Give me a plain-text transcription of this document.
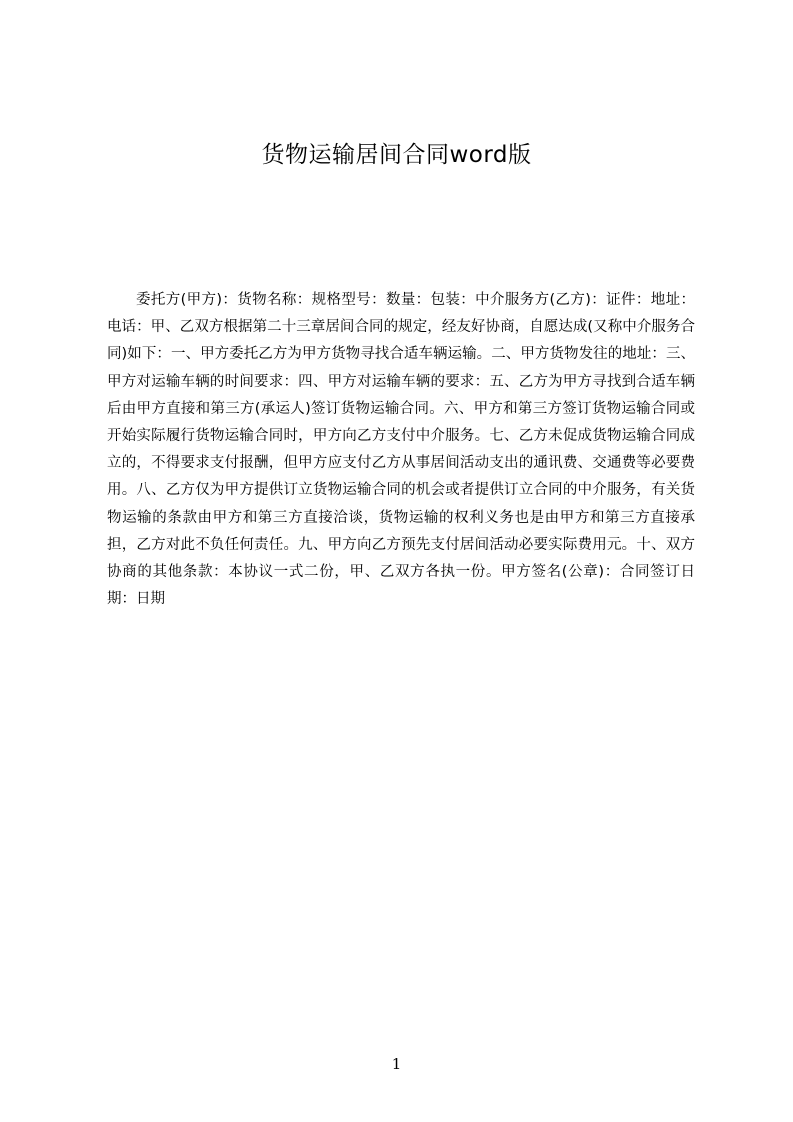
货物运输居间合同word版

委托方(甲方)：货物名称：规格型号：数量：包装：中介服务方(乙方)：证件：地址：电话：甲、乙双方根据第二十三章居间合同的规定，经友好协商，自愿达成(又称中介服务合同)如下：一、甲方委托乙方为甲方货物寻找合适车辆运输。二、甲方货物发往的地址：三、甲方对运输车辆的时间要求：四、甲方对运输车辆的要求：五、乙方为甲方寻找到合适车辆后由甲方直接和第三方(承运人)签订货物运输合同。六、甲方和第三方签订货物运输合同或开始实际履行货物运输合同时，甲方向乙方支付中介服务。七、乙方未促成货物运输合同成立的，不得要求支付报酬，但甲方应支付乙方从事居间活动支出的通讯费、交通费等必要费用。八、乙方仅为甲方提供订立货物运输合同的机会或者提供订立合同的中介服务，有关货物运输的条款由甲方和第三方直接洽谈，货物运输的权利义务也是由甲方和第三方直接承担，乙方对此不负任何责任。九、甲方向乙方预先支付居间活动必要实际费用元。十、双方协商的其他条款：本协议一式二份，甲、乙双方各执一份。甲方签名(公章)：合同签订日期：日期

1
